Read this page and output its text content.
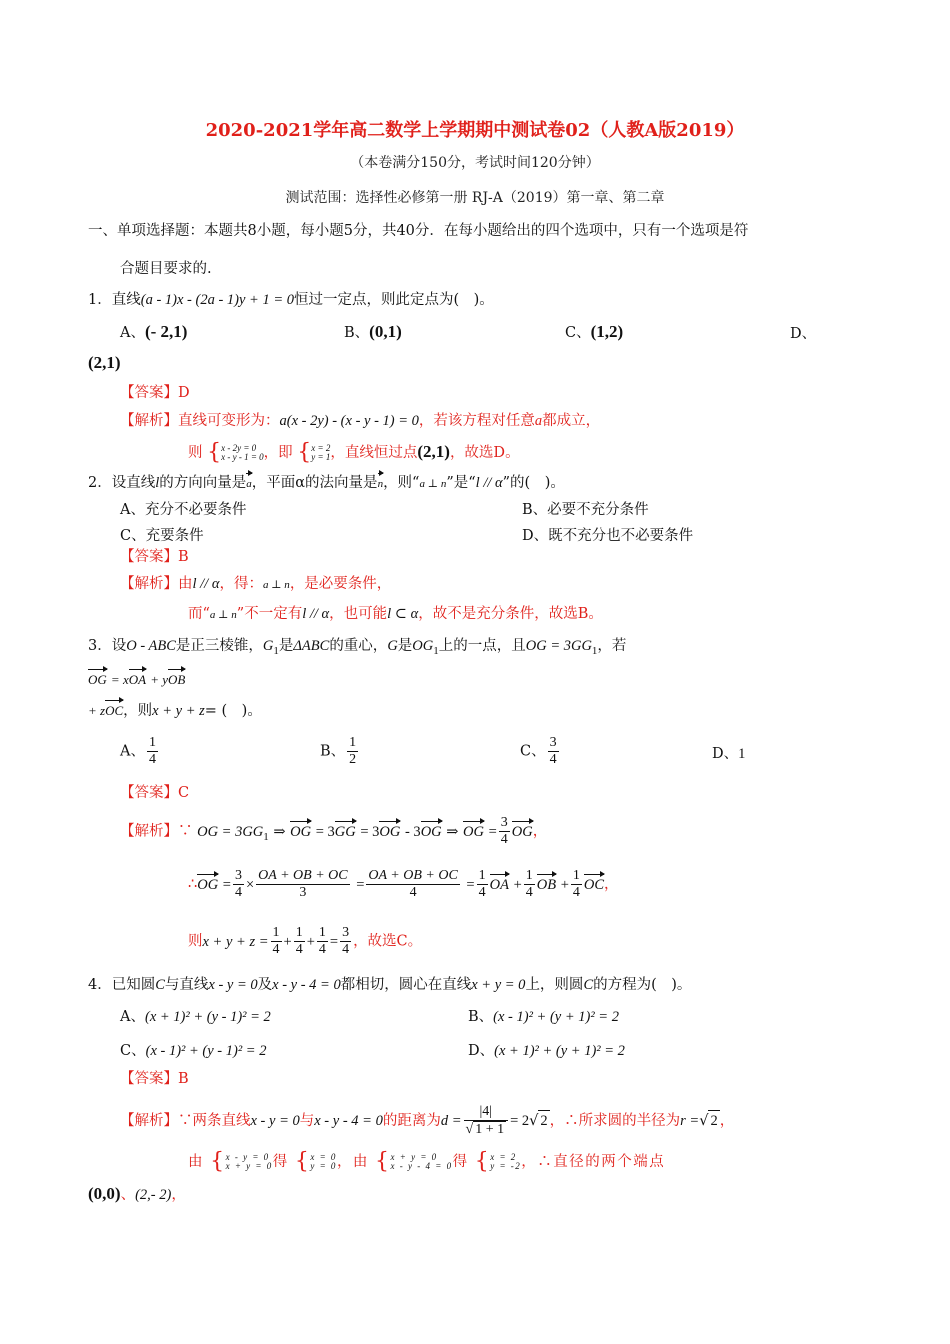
2020-2021学年高二数学上学期期中测试卷02（人教A版2019）
（本卷满分150分，考试时间120分钟）
测试范围：选择性必修第一册 RJ-A（2019）第一章、第二章
一、单项选择题：本题共8小题，每小题5分，共40分．在每小题给出的四个选项中，只有一个选项是符
合题目要求的.
1．直线(a - 1)x - (2a - 1)y + 1 = 0恒过一定点，则此定点为(　)。
A、(- 2,1)	B、(0,1)	C、(1,2)	D、
(2,1)
【答案】D
【解析】直线可变形为：a(x - 2y) - (x - y - 1) = 0，若该方程对任意a都成立，
则 { x - 2y = 0
x - y - 1 = 0 ，即 { x = 2
y = 1 ，直线恒过点(2,1)，故选D。
2．设直线l的方向向量是a，平面α的法向量是n，则“a ⊥ n”是“l // α”的(　)。
A、充分不必要条件	B、必要不充分条件
C、充要条件	D、既不充分也不必要条件
【答案】B
【解析】由l // α，得：a ⊥ n，是必要条件，
而“a ⊥ n”不一定有l // α，也可能l ⊂ α，故不是充分条件，故选B。
3．设O - ABC是正三棱锥，$G_1$是ΔABC的重心，G是$OG_1$上的一点，且OG = $3GG_1$，若
OG = xOA + yOB
+ zOC，则x + y + z= (　)。
A、 $\frac{1}{4}$	B、 $\frac{1}{2}$	C、 $\frac{3}{4}$	D、1
【答案】C
【解析】∵ OG = $3GG_1$ ⇒ OG = 3GG = 3OG - 3OG ⇒ OG = $\frac{3}{4}$ OG，
∴OG = $\frac{3}{4} \times \frac{OA + OB + OC}{3} = \frac{OA + OB + OC}{4} = \frac{1}{4}$ OA + $\frac{1}{4}$ OB + $\frac{1}{4}$ OC，
则$x + y + z = \frac{1}{4} + \frac{1}{4} + \frac{1}{4} = \frac{3}{4}$ ，故选C。
4．已知圆C与直线x - y = 0及x - y - 4 = 0都相切，圆心在直线x + y = 0上，则圆C的方程为(　)。
A、(x + 1)² + (y - 1)² = 2	B、(x - 1)² + (y + 1)² = 2
C、(x - 1)² + (y - 1)² = 2	D、(x + 1)² + (y + 1)² = 2
【答案】B
【解析】∵两条直线x - y = 0与x - y - 4 = 0的距离为$d = \frac{|4|}{√ 1 + 1} = 2√$ 2 ，∴所求圆的半径为r =√ 2 ，
由 { x - y = 0
x + y = 0 得 { x = 0
y = 0 ，由 { x + y = 0
x - y - 4 = 0 得 { x = 2
y = -2 ，∴直径的两个端点
(0,0)、(2,- 2)，
